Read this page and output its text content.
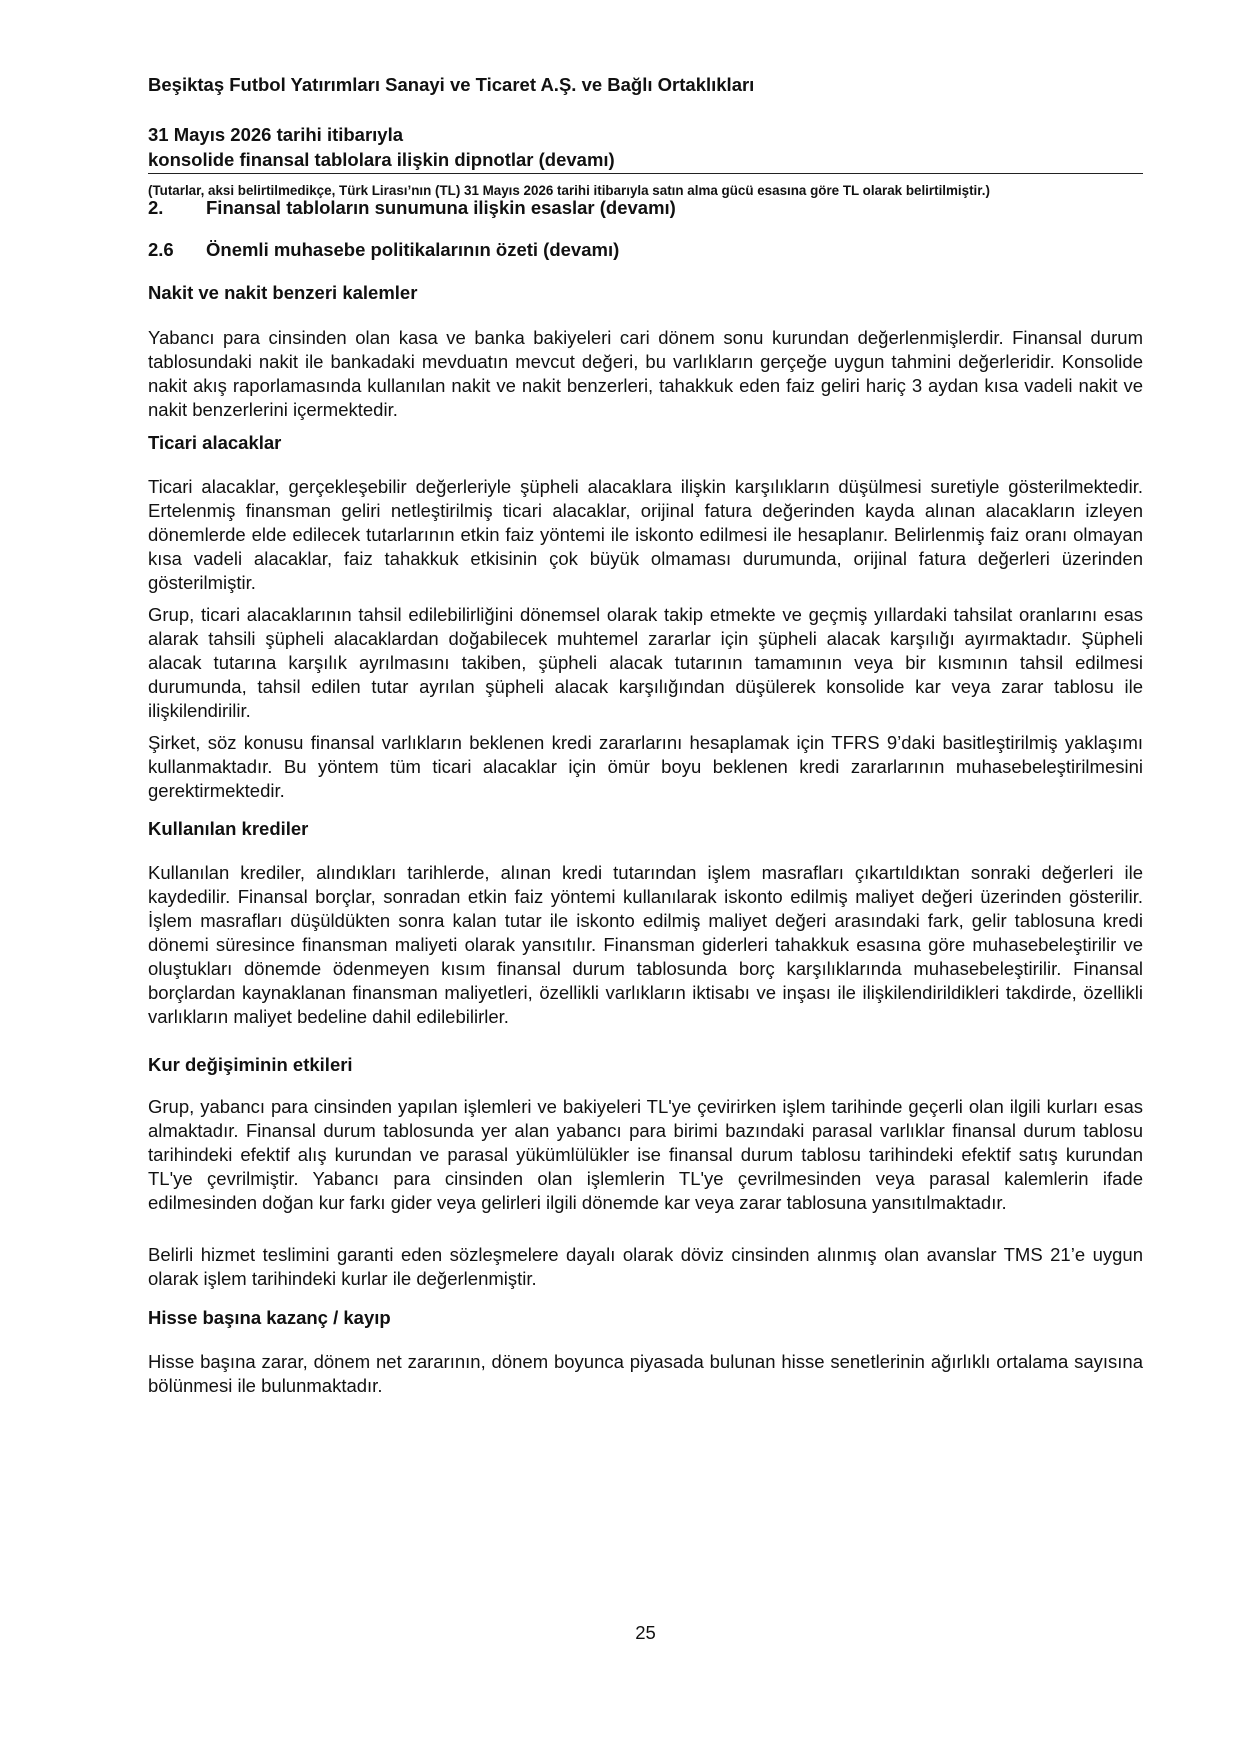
Beşiktaş Futbol Yatırımları Sanayi ve Ticaret A.Ş. ve Bağlı Ortaklıkları
31 Mayıs 2026 tarihi itibarıyla
konsolide finansal tablolara ilişkin dipnotlar (devamı)
(Tutarlar, aksi belirtilmedikçe, Türk Lirası’nın (TL) 31 Mayıs 2026 tarihi itibarıyla satın alma gücü esasına göre TL olarak belirtilmiştir.)
2. Finansal tabloların sunumuna ilişkin esaslar (devamı)
2.6 Önemli muhasebe politikalarının özeti (devamı)
Nakit ve nakit benzeri kalemler

Yabancı para cinsinden olan kasa ve banka bakiyeleri cari dönem sonu kurundan değerlenmişlerdir. Finansal durum tablosundaki nakit ile bankadaki mevduatın mevcut değeri, bu varlıkların gerçeğe uygun tahmini değerleridir. Konsolide nakit akış raporlamasında kullanılan nakit ve nakit benzerleri, tahakkuk eden faiz geliri hariç 3 aydan kısa vadeli nakit ve nakit benzerlerini içermektedir.

Ticari alacaklar

Ticari alacaklar, gerçekleşebilir değerleriyle şüpheli alacaklara ilişkin karşılıkların düşülmesi suretiyle gösterilmektedir. Ertelenmiş finansman geliri netleştirilmiş ticari alacaklar, orijinal fatura değerinden kayda alınan alacakların izleyen dönemlerde elde edilecek tutarlarının etkin faiz yöntemi ile iskonto edilmesi ile hesaplanır. Belirlenmiş faiz oranı olmayan kısa vadeli alacaklar, faiz tahakkuk etkisinin çok büyük olmaması durumunda, orijinal fatura değerleri üzerinden gösterilmiştir.

Grup, ticari alacaklarının tahsil edilebilirliğini dönemsel olarak takip etmekte ve geçmiş yıllardaki tahsilat oranlarını esas alarak tahsili şüpheli alacaklardan doğabilecek muhtemel zararlar için şüpheli alacak karşılığı ayırmaktadır. Şüpheli alacak tutarına karşılık ayrılmasını takiben, şüpheli alacak tutarının tamamının veya bir kısmının tahsil edilmesi durumunda, tahsil edilen tutar ayrılan şüpheli alacak karşılığından düşülerek konsolide kar veya zarar tablosu ile ilişkilendirilir.

Şirket, söz konusu finansal varlıkların beklenen kredi zararlarını hesaplamak için TFRS 9’daki basitleştirilmiş yaklaşımı kullanmaktadır. Bu yöntem tüm ticari alacaklar için ömür boyu beklenen kredi zararlarının muhasebeleştirilmesini gerektirmektedir.

Kullanılan krediler

Kullanılan krediler, alındıkları tarihlerde, alınan kredi tutarından işlem masrafları çıkartıldıktan sonraki değerleri ile kaydedilir. Finansal borçlar, sonradan etkin faiz yöntemi kullanılarak iskonto edilmiş maliyet değeri üzerinden gösterilir. İşlem masrafları düşüldükten sonra kalan tutar ile iskonto edilmiş maliyet değeri arasındaki fark, gelir tablosuna kredi dönemi süresince finansman maliyeti olarak yansıtılır. Finansman giderleri tahakkuk esasına göre muhasebeleştirilir ve oluştukları dönemde ödenmeyen kısım finansal durum tablosunda borç karşılıklarında muhasebeleştirilir. Finansal borçlardan kaynaklanan finansman maliyetleri, özellikli varlıkların iktisabı ve inşası ile ilişkilendirildikleri takdirde, özellikli varlıkların maliyet bedeline dahil edilebilirler.

Kur değişiminin etkileri

Grup, yabancı para cinsinden yapılan işlemleri ve bakiyeleri TL'ye çevirirken işlem tarihinde geçerli olan ilgili kurları esas almaktadır. Finansal durum tablosunda yer alan yabancı para birimi bazındaki parasal varlıklar finansal durum tablosu tarihindeki efektif alış kurundan ve parasal yükümlülükler ise finansal durum tablosu tarihindeki efektif satış kurundan TL'ye çevrilmiştir. Yabancı para cinsinden olan işlemlerin TL'ye çevrilmesinden veya parasal kalemlerin ifade edilmesinden doğan kur farkı gider veya gelirleri ilgili dönemde kar veya zarar tablosuna yansıtılmaktadır.

Belirli hizmet teslimini garanti eden sözleşmelere dayalı olarak döviz cinsinden alınmış olan avanslar TMS 21’e uygun olarak işlem tarihindeki kurlar ile değerlenmiştir.

Hisse başına kazanç / kayıp

Hisse başına zarar, dönem net zararının, dönem boyunca piyasada bulunan hisse senetlerinin ağırlıklı ortalama sayısına bölünmesi ile bulunmaktadır.

25
